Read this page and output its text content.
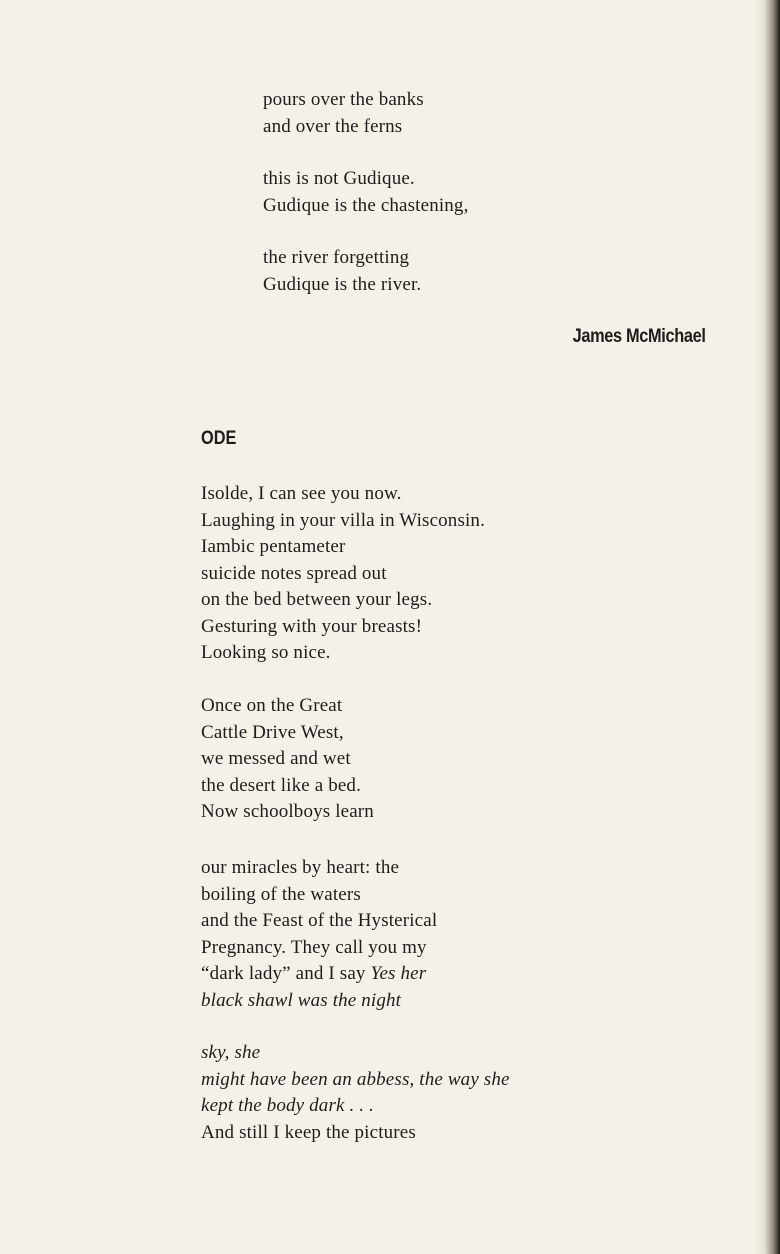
pours over the banks
and over the ferns
this is not Gudique.
Gudique is the chastening,
the river forgetting
Gudique is the river.

James McMichael

ODE

Isolde, I can see you now.
Laughing in your villa in Wisconsin.
Iambic pentameter
suicide notes spread out
on the bed between your legs.
Gesturing with your breasts!
Looking so nice.
Once on the Great
Cattle Drive West,
we messed and wet
the desert like a bed.
Now schoolboys learn
our miracles by heart: the
boiling of the waters
and the Feast of the Hysterical
Pregnancy. They call you my
“dark lady” and I say Yes her
black shawl was the night
sky, she
might have been an abbess, the way she
kept the body dark . . .
And still I keep the pictures
